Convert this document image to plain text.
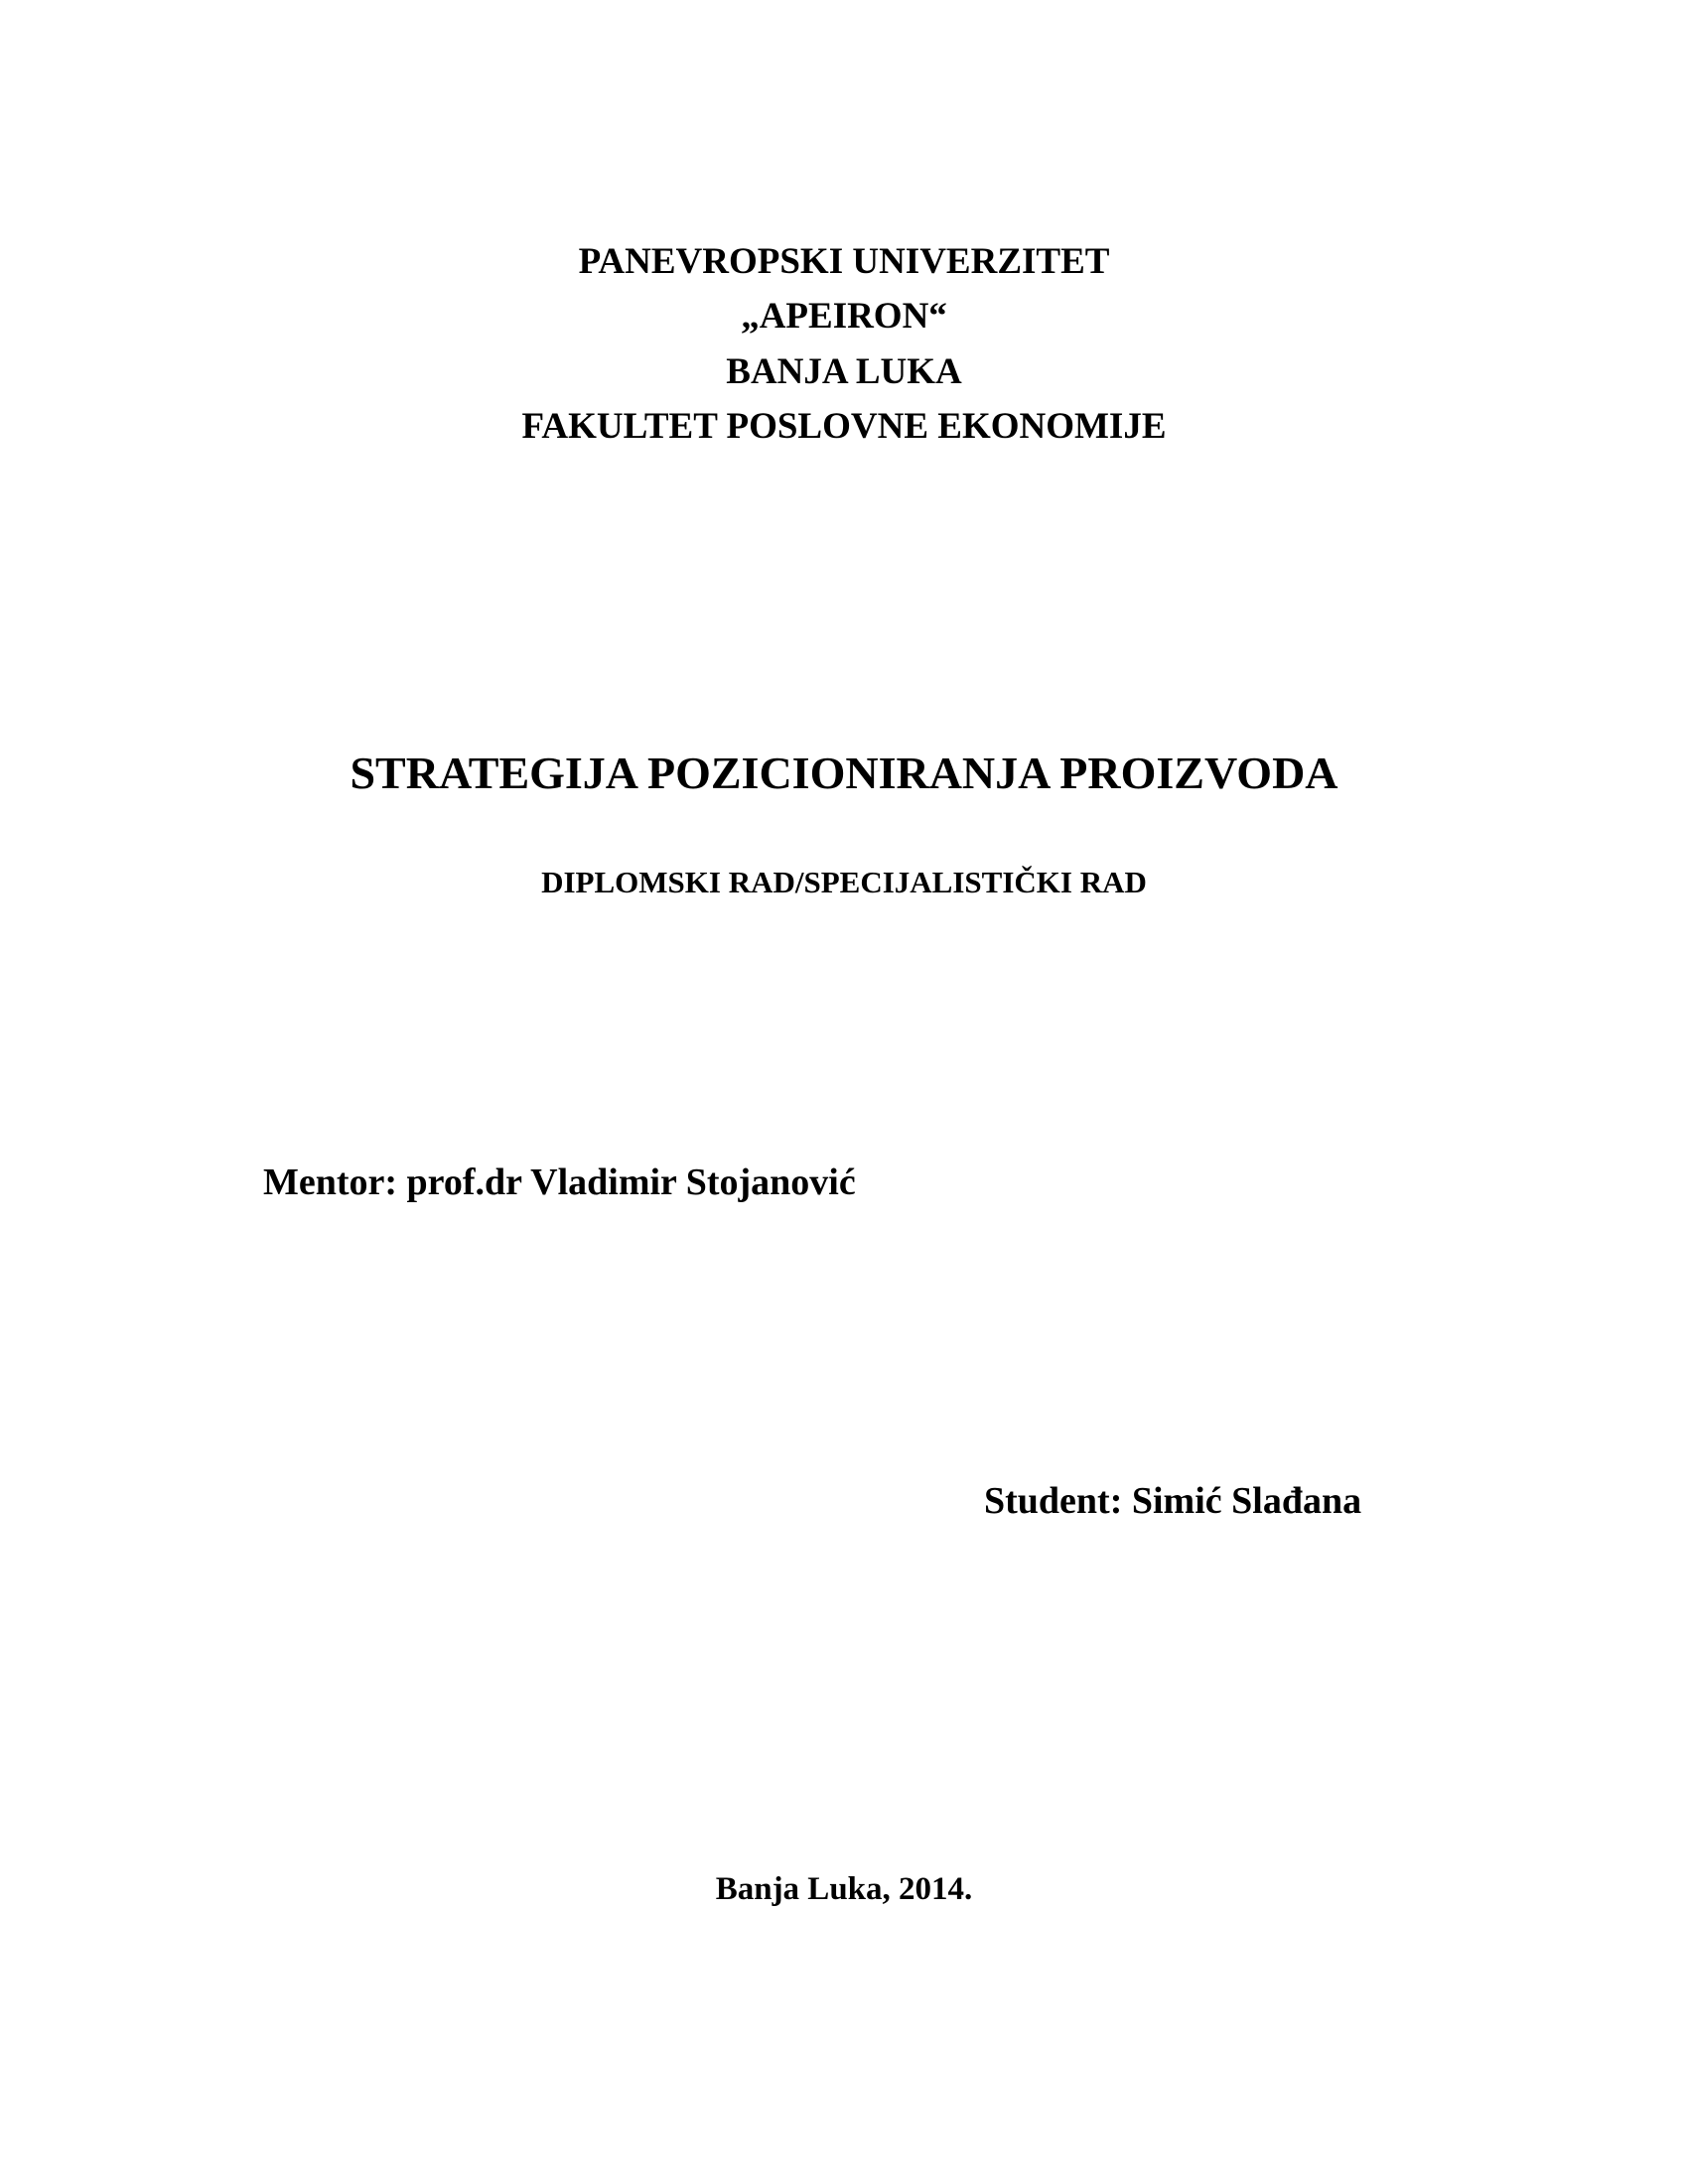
PANEVROPSKI UNIVERZITET
„APEIRON“
BANJA LUKA
FAKULTET POSLOVNE EKONOMIJE
STRATEGIJA POZICIONIRANJA PROIZVODA
DIPLOMSKI RAD/SPECIJALISTIČKI RAD
Mentor: prof.dr Vladimir Stojanović
Student: Simić Slađana
Banja Luka, 2014.
